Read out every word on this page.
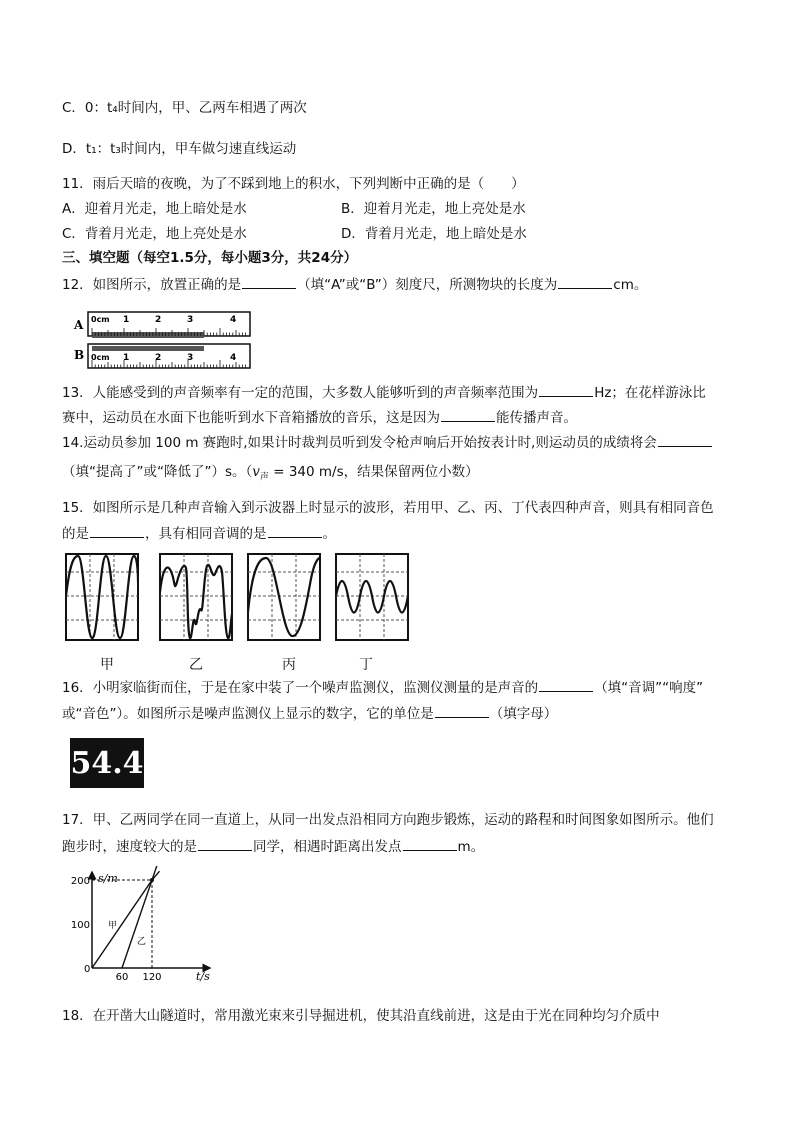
C．0：t₄时间内，甲、乙两车相遇了两次
D．t₁：t₃时间内，甲车做匀速直线运动
11．雨后天暗的夜晚，为了不踩到地上的积水，下列判断中正确的是（　　）
A．迎着月光走，地上暗处是水	B．迎着月光走，地上亮处是水
C．背着月光走，地上亮处是水	D．背着月光走，地上暗处是水
三、填空题（每空1.5分，每小题3分，共24分）
12．如图所示，放置正确的是	（填“A”或“B”）刻度尺，所测物块的长度为	cm。
A 0cm 1	2	3	4
B 0cm 1	2	3	4
13．人能感受到的声音频率有一定的范围，大多数人能够听到的声音频率范围为	Hz；在花样游泳比
赛中，运动员在水面下也能听到水下音箱播放的音乐，这是因为	能传播声音。
14.运动员参加 100 m 赛跑时,如果计时裁判员听到发令枪声响后开始按表计时,则运动员的成绩将会
（填“提高了”或“降低了”）s。（$v_声 = 340$ m/s，结果保留两位小数）
15．如图所示是几种声音输入到示波器上时显示的波形，若用甲、乙、丙、丁代表四种声音，则具有相同音色
的是	，具有相同音调的是	。
甲	乙	丙	丁
16．小明家临街而住，于是在家中装了一个噪声监测仪，监测仪测量的是声音的	（填“音调”“响度”
或“音色”）。如图所示是噪声监测仪上显示的数字，它的单位是	（填字母）
54.4
17．甲、乙两同学在同一直道上，从同一出发点沿相同方向跑步锻炼，运动的路程和时间图象如图所示。他们
跑步时，速度较大的是	同学，相遇时距离出发点	m。
s/m
t/s
0
100
200
60 120
甲
乙
18．在开凿大山隧道时，常用激光束来引导掘进机，使其沿直线前进，这是由于光在同种均匀介质中
